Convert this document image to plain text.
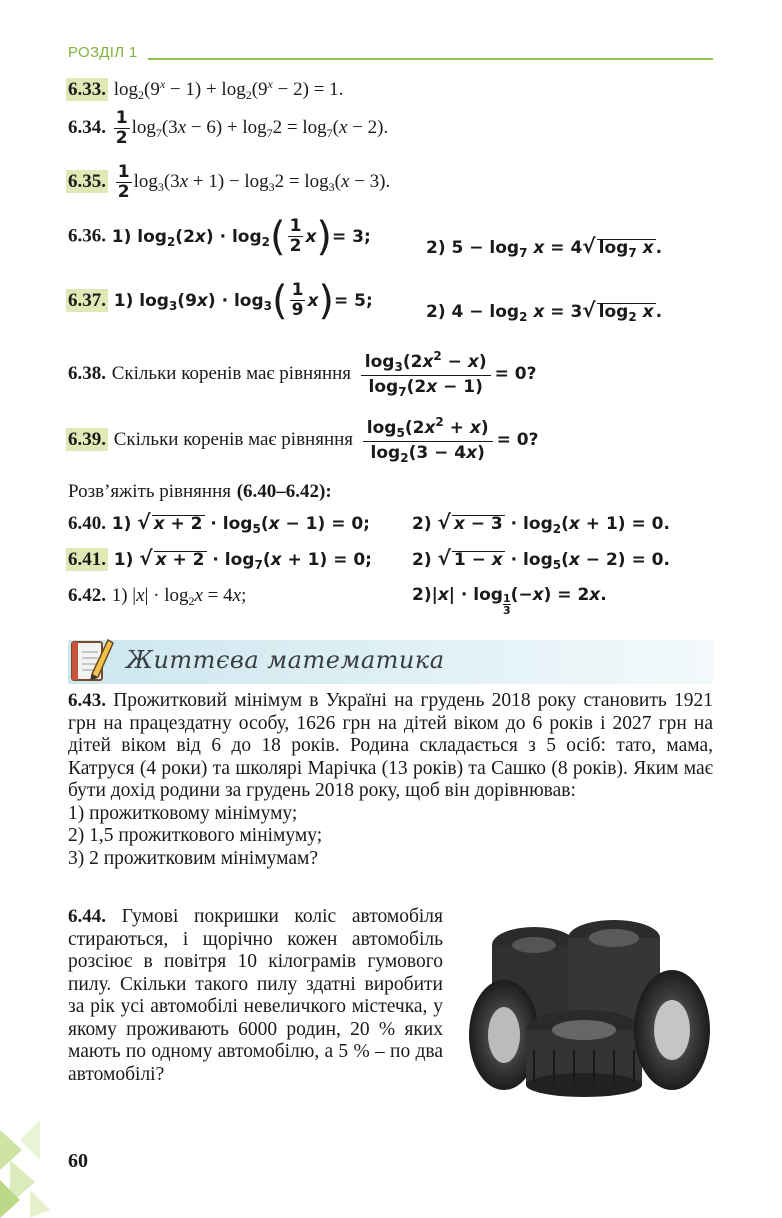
РОЗДІЛ 1
6.33. $\log_2(9^x - 1) + \log_2(9^x - 2) = 1$.
6.34. $\frac{1}{2} \log_7(3x - 6) + \log_72 = \log_7(x - 2)$.
6.35. $\frac{1}{2} \log_3(3x + 1) - \log_32 = \log_3(x - 3)$.
6.36. 1) $\log_2(2x) \cdot \log_2( \frac{1}{2} x)= 3$;
2) $5 - \log_7 x = 4√$ $\log_7 x$ .
6.37. 1) $\log_3(9x) \cdot \log_3( \frac{1}{9} x)= 5$;
2) $4 - \log_2 x = 3√$ $\log_2 x$ .
6.38. Скільки коренів має рівняння $\frac{\log_3(2x^2 - x)}{\log_7(2x - 1)} = 0$?
6.39. Скільки коренів має рівняння $\frac{\log_5(2x^2 + x)}{\log_2(3 - 4x)} = 0$?
Розв’яжіть рівняння (6.40–6.42):
6.40. 1) √ $x + 2 \cdot \log_5(x - 1) = 0$; 2) √ $x - 3 \cdot \log_2(x + 1) = 0$.
6.41. 1) √ $x + 2 \cdot \log_7(x + 1) = 0$; 2) √ $1 - x \cdot \log_5(x - 2) = 0$.
6.42. 1) $|x| \cdot \log_2x = 4x$;	$2)|x| \cdot \log \frac{1}{3} (-x) = 2x$.
Життєва математика

6.43. Прожитковий мінімум в Україні на грудень 2018 року становить 1921 грн на працездатну особу, 1626 грн на дітей віком до 6 років і 2027 грн на дітей віком від 6 до 18 років. Родина складається з 5 осіб: тато, мама, Катруся (4 роки) та школярі Марічка (13 років) та Сашко (8 років). Яким має бути дохід родини за грудень 2018 року, щоб він дорівнював:

1) прожитковому мінімуму;

2) 1,5 прожиткового мінімуму;

3) 2 прожитковим мінімумам?

6.44. Гумові покришки коліс автомобіля стираються, і щорічно кожен автомобіль розсіює в повітря 10 кілограмів гумового пилу. Скільки такого пилу здатні виробити за рік усі автомобілі невеличкого містечка, у якому проживають 6000 родин, 20 % яких мають по одному автомобілю, а 5 % – по два автомобілі?

60
